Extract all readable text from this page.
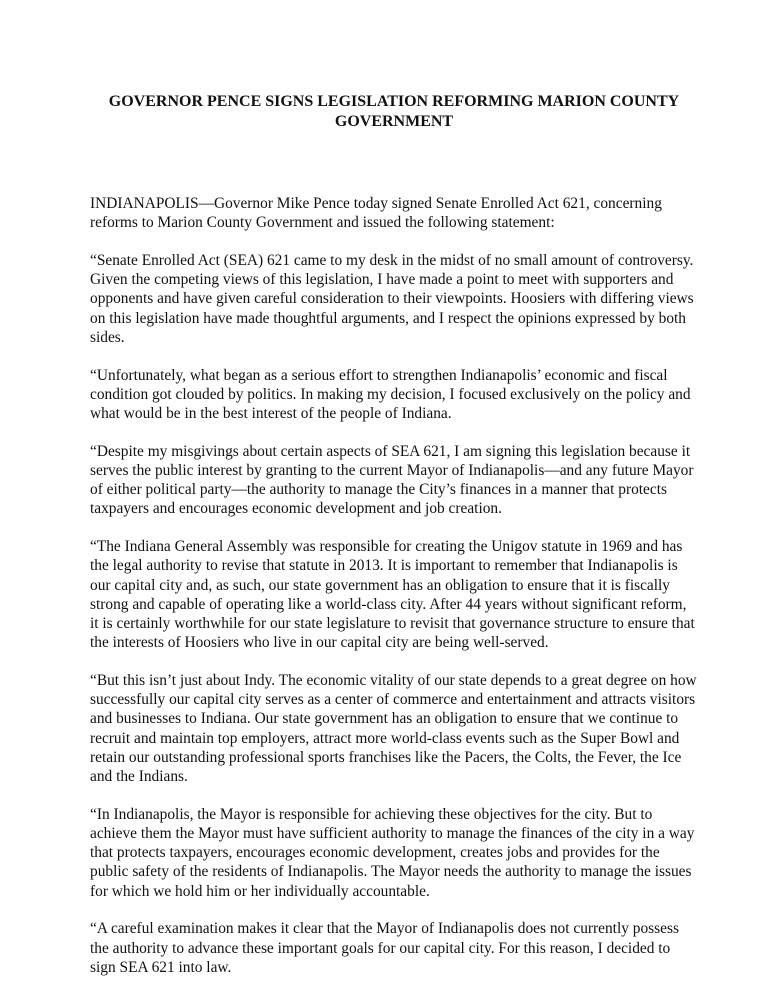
GOVERNOR PENCE SIGNS LEGISLATION REFORMING MARION COUNTY GOVERNMENT

INDIANAPOLIS—Governor Mike Pence today signed Senate Enrolled Act 621, concerning reforms to Marion County Government and issued the following statement:

“Senate Enrolled Act (SEA) 621 came to my desk in the midst of no small amount of controversy. Given the competing views of this legislation, I have made a point to meet with supporters and opponents and have given careful consideration to their viewpoints. Hoosiers with differing views on this legislation have made thoughtful arguments, and I respect the opinions expressed by both sides.

“Unfortunately, what began as a serious effort to strengthen Indianapolis’ economic and fiscal condition got clouded by politics. In making my decision, I focused exclusively on the policy and what would be in the best interest of the people of Indiana.

“Despite my misgivings about certain aspects of SEA 621, I am signing this legislation because it serves the public interest by granting to the current Mayor of Indianapolis—and any future Mayor of either political party—the authority to manage the City’s finances in a manner that protects taxpayers and encourages economic development and job creation.

“The Indiana General Assembly was responsible for creating the Unigov statute in 1969 and has the legal authority to revise that statute in 2013. It is important to remember that Indianapolis is our capital city and, as such, our state government has an obligation to ensure that it is fiscally strong and capable of operating like a world-class city. After 44 years without significant reform, it is certainly worthwhile for our state legislature to revisit that governance structure to ensure that the interests of Hoosiers who live in our capital city are being well-served.

“But this isn’t just about Indy. The economic vitality of our state depends to a great degree on how successfully our capital city serves as a center of commerce and entertainment and attracts visitors and businesses to Indiana. Our state government has an obligation to ensure that we continue to recruit and maintain top employers, attract more world-class events such as the Super Bowl and retain our outstanding professional sports franchises like the Pacers, the Colts, the Fever, the Ice and the Indians.

“In Indianapolis, the Mayor is responsible for achieving these objectives for the city. But to achieve them the Mayor must have sufficient authority to manage the finances of the city in a way that protects taxpayers, encourages economic development, creates jobs and provides for the public safety of the residents of Indianapolis. The Mayor needs the authority to manage the issues for which we hold him or her individually accountable.

“A careful examination makes it clear that the Mayor of Indianapolis does not currently possess the authority to advance these important goals for our capital city. For this reason, I decided to sign SEA 621 into law.
